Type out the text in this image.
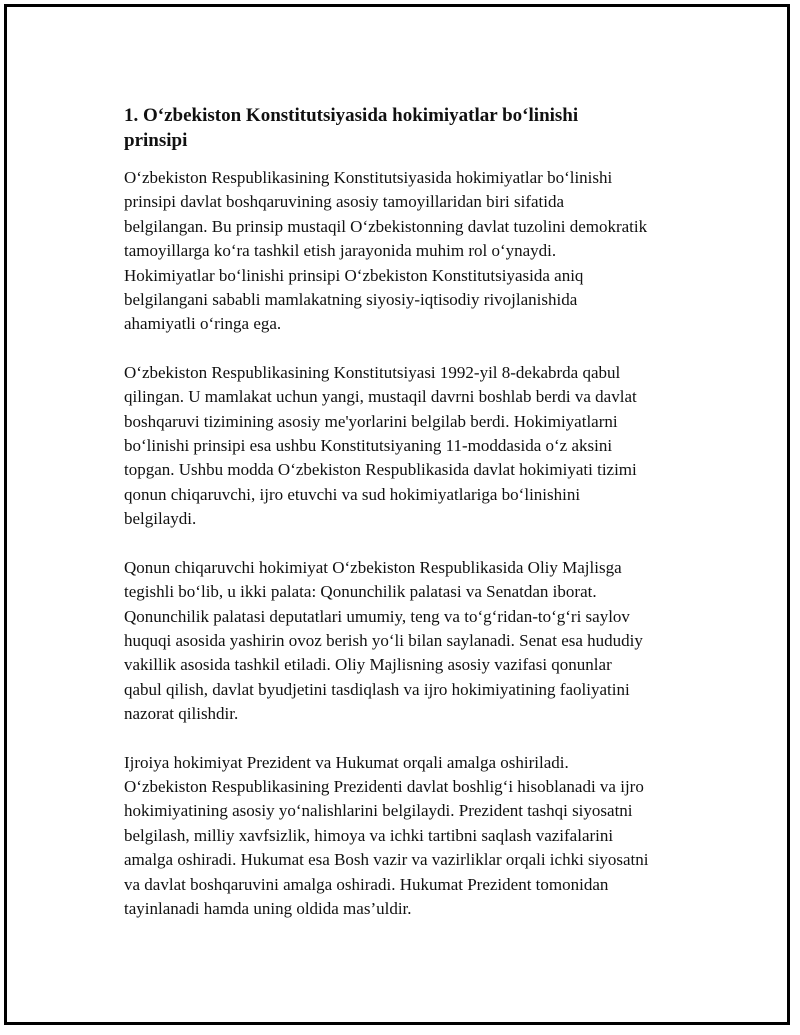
1. O‘zbekiston Konstitutsiyasida hokimiyatlar bo‘linishi
prinsipi

O‘zbekiston Respublikasining Konstitutsiyasida hokimiyatlar bo‘linishi
prinsipi davlat boshqaruvining asosiy tamoyillaridan biri sifatida
belgilangan. Bu prinsip mustaqil O‘zbekistonning davlat tuzolini demokratik
tamoyillarga ko‘ra tashkil etish jarayonida muhim rol o‘ynaydi.
Hokimiyatlar bo‘linishi prinsipi O‘zbekiston Konstitutsiyasida aniq
belgilangani sababli mamlakatning siyosiy-iqtisodiy rivojlanishida
ahamiyatli o‘ringa ega.

O‘zbekiston Respublikasining Konstitutsiyasi 1992-yil 8-dekabrda qabul
qilingan. U mamlakat uchun yangi, mustaqil davrni boshlab berdi va davlat
boshqaruvi tizimining asosiy me'yorlarini belgilab berdi. Hokimiyatlarni
bo‘linishi prinsipi esa ushbu Konstitutsiyaning 11-moddasida o‘z aksini
topgan. Ushbu modda O‘zbekiston Respublikasida davlat hokimiyati tizimi
qonun chiqaruvchi, ijro etuvchi va sud hokimiyatlariga bo‘linishini
belgilaydi.

Qonun chiqaruvchi hokimiyat O‘zbekiston Respublikasida Oliy Majlisga
tegishli bo‘lib, u ikki palata: Qonunchilik palatasi va Senatdan iborat.
Qonunchilik palatasi deputatlari umumiy, teng va to‘g‘ridan-to‘g‘ri saylov
huquqi asosida yashirin ovoz berish yo‘li bilan saylanadi. Senat esa hududiy
vakillik asosida tashkil etiladi. Oliy Majlisning asosiy vazifasi qonunlar
qabul qilish, davlat byudjetini tasdiqlash va ijro hokimiyatining faoliyatini
nazorat qilishdir.

Ijroiya hokimiyat Prezident va Hukumat orqali amalga oshiriladi.
O‘zbekiston Respublikasining Prezidenti davlat boshlig‘i hisoblanadi va ijro
hokimiyatining asosiy yo‘nalishlarini belgilaydi. Prezident tashqi siyosatni
belgilash, milliy xavfsizlik, himoya va ichki tartibni saqlash vazifalarini
amalga oshiradi. Hukumat esa Bosh vazir va vazirliklar orqali ichki siyosatni
va davlat boshqaruvini amalga oshiradi. Hukumat Prezident tomonidan
tayinlanadi hamda uning oldida mas’uldir.
